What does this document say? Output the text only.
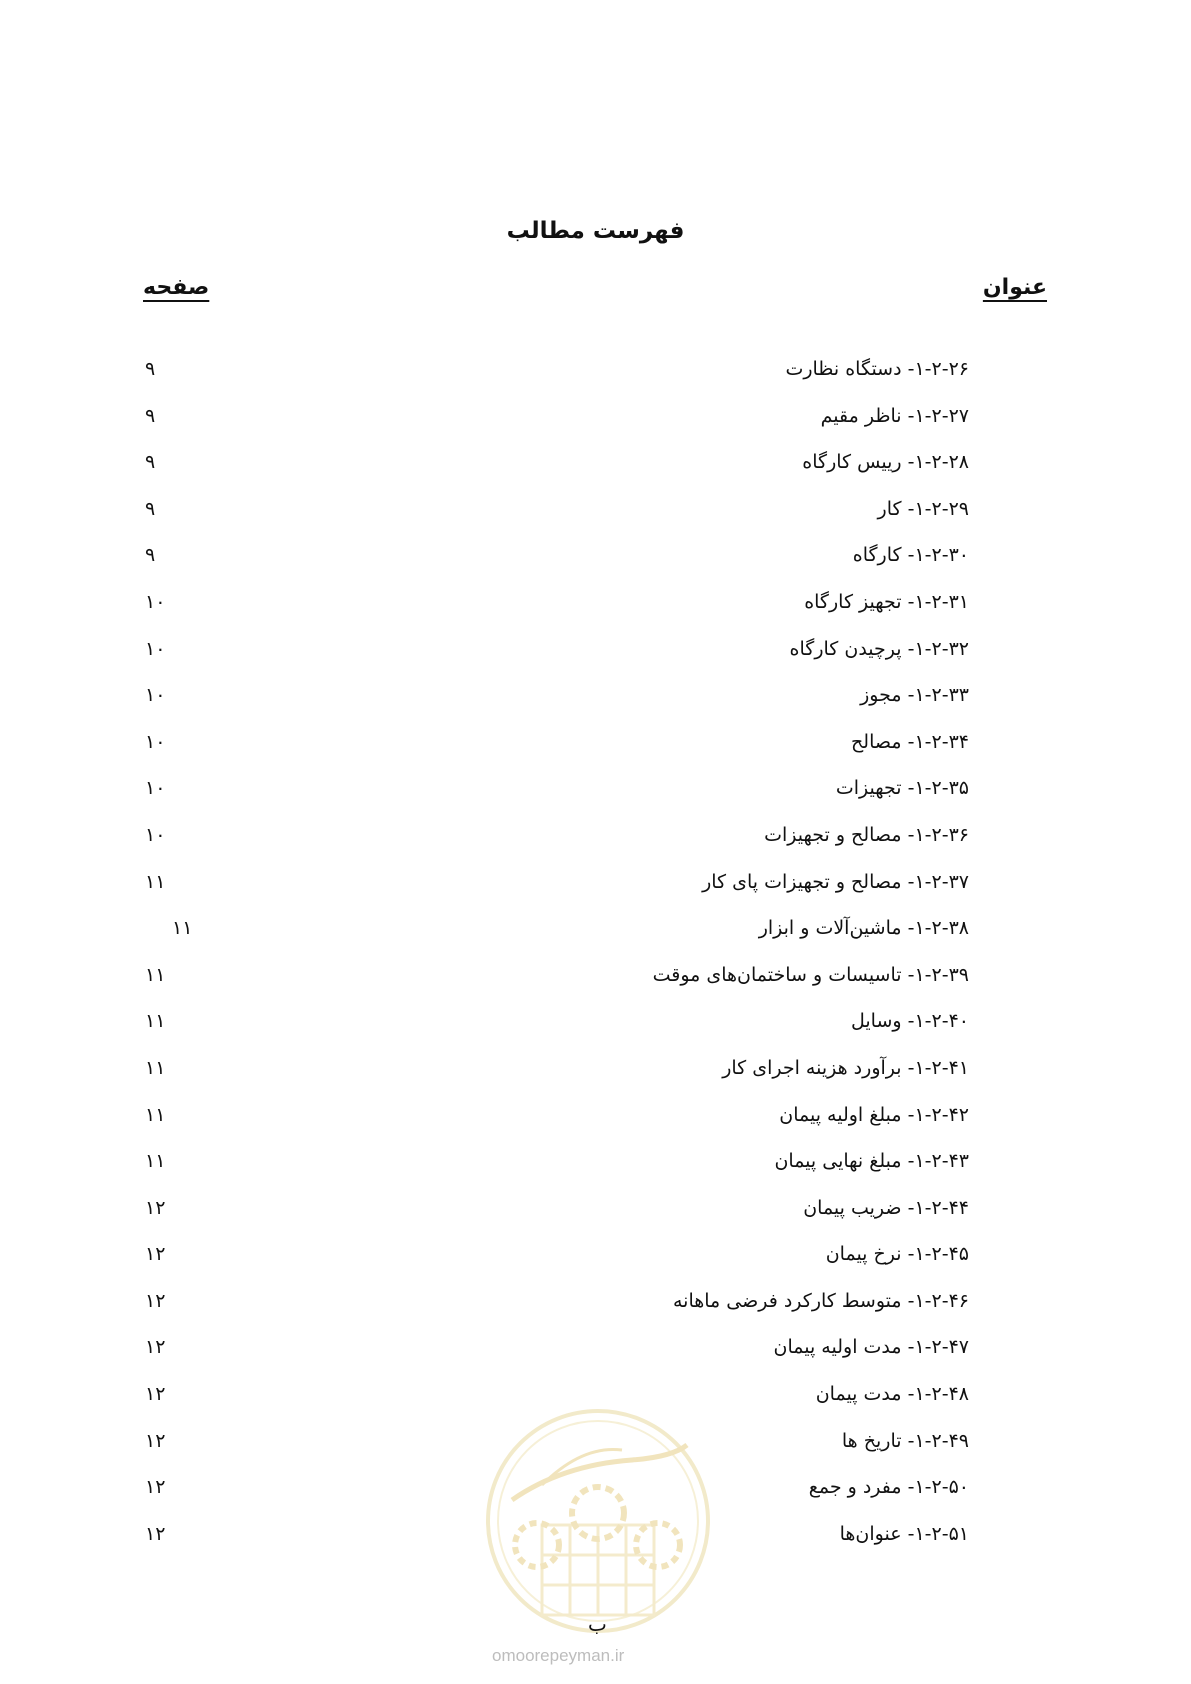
فهرست مطالب
عنوان
صفحه
۱-۲-۲۶- دستگاه نظارت
۹
۱-۲-۲۷- ناظر مقیم
۹
۱-۲-۲۸- رییس کارگاه
۹
۱-۲-۲۹- کار
۹
۱-۲-۳۰- کارگاه
۹
۱-۲-۳۱- تجهیز کارگاه
۱۰
۱-۲-۳۲- پرچیدن کارگاه
۱۰
۱-۲-۳۳- مجوز
۱۰
۱-۲-۳۴- مصالح
۱۰
۱-۲-۳۵- تجهیزات
۱۰
۱-۲-۳۶- مصالح و تجهیزات
۱۰
۱-۲-۳۷- مصالح و تجهیزات پای کار
۱۱
۱-۲-۳۸- ماشین‌آلات و ابزار
۱۱
۱-۲-۳۹- تاسیسات و ساختمان‌های موقت
۱۱
۱-۲-۴۰- وسایل
۱۱
۱-۲-۴۱- برآورد هزینه اجرای کار
۱۱
۱-۲-۴۲- مبلغ اولیه پیمان
۱۱
۱-۲-۴۳- مبلغ نهایی پیمان
۱۱
۱-۲-۴۴- ضریب پیمان
۱۲
۱-۲-۴۵- نرخ پیمان
۱۲
۱-۲-۴۶- متوسط کارکرد فرضی ماهانه
۱۲
۱-۲-۴۷- مدت اولیه پیمان
۱۲
۱-۲-۴۸- مدت پیمان
۱۲
۱-۲-۴۹- تاریخ ها
۱۲
۱-۲-۵۰- مفرد و جمع
۱۲
۱-۲-۵۱- عنوان‌ها
۱۲
ب
omoorepeyman.ir
